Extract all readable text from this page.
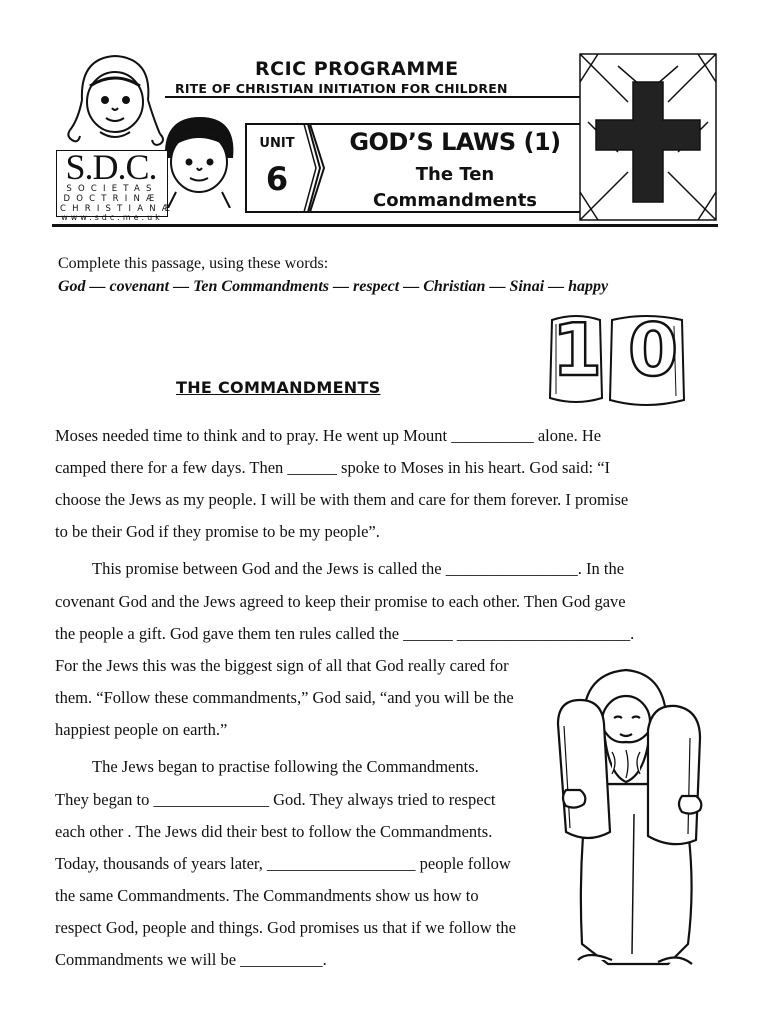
RCIC PROGRAMME
RITE OF CHRISTIAN INITIATION FOR CHILDREN
S.D.C.
SOCIETAS
DOCTRINÆ
CHRISTIANÆ
www.sdc.me.uk
UNIT
6
GOD’S LAWS (1)
The Ten
Commandments
Complete this passage, using these words:
God — covenant — Ten Commandments — respect — Christian — Sinai — happy
1 0
THE COMMANDMENTS
Moses needed time to think and to pray. He went up Mount __________ alone. He
camped there for a few days. Then ______ spoke to Moses in his heart. God said: “I
choose the Jews as my people. I will be with them and care for them forever. I promise
to be their God if they promise to be my people”.
This promise between God and the Jews is called the ________________. In the
covenant God and the Jews agreed to keep their promise to each other. Then God gave
the people a gift. God gave them ten rules called the ______ _____________________.
For the Jews this was the biggest sign of all that God really cared for
them. “Follow these commandments,” God said, “and you will be the
happiest people on earth.”
The Jews began to practise following the Commandments.
They began to ______________ God. They always tried to respect
each other . The Jews did their best to follow the Commandments.
Today, thousands of years later, __________________ people follow
the same Commandments. The Commandments show us how to
respect God, people and things. God promises us that if we follow the
Commandments we will be __________.
